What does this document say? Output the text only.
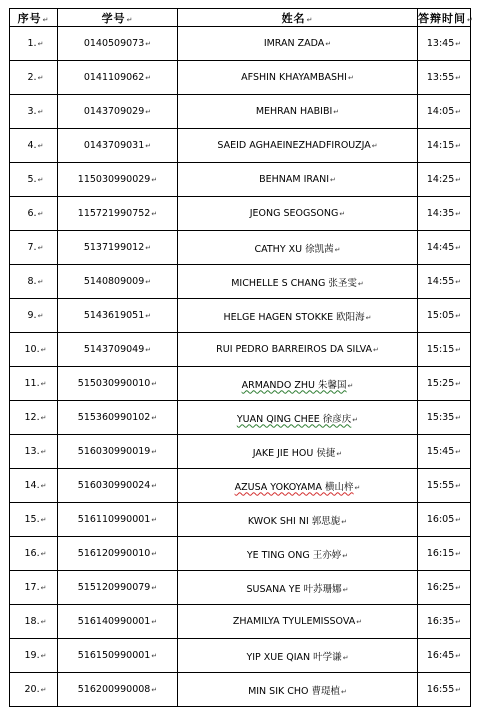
序号↵	学号↵	姓名↵	答辩时间↵
1.↵	0140509073↵	IMRAN ZADA↵	13:45↵
2.↵	0141109062↵	AFSHIN KHAYAMBASHI↵	13:55↵
3.↵	0143709029↵	MEHRAN HABIBI↵	14:05↵
4.↵	0143709031↵	SAEID AGHAEINEZHADFIROUZJA↵	14:15↵
5.↵	115030990029↵	BEHNAM IRANI↵	14:25↵
6.↵	115721990752↵	JEONG SEOGSONG↵	14:35↵
7.↵	5137199012↵	CATHY XU 徐凯茜↵	14:45↵
8.↵	5140809009↵	MICHELLE S CHANG 张圣雯↵	14:55↵
9.↵	5143619051↵	HELGE HAGEN STOKKE 欧阳海↵	15:05↵
10.↵	5143709049↵	RUI PEDRO BARREIROS DA SILVA↵	15:15↵
11.↵	515030990010↵	ARMANDO ZHU 朱馨国↵	15:25↵
12.↵	515360990102↵	YUAN QING CHEE 徐彦庆↵	15:35↵
13.↵	516030990019↵	JAKE JIE HOU 侯捷↵	15:45↵
14.↵	516030990024↵	AZUSA YOKOYAMA 横山梓↵	15:55↵
15.↵	516110990001↵	KWOK SHI NI 郭思旎↵	16:05↵
16.↵	516120990010↵	YE TING ONG 王亦婷↵	16:15↵
17.↵	515120990079↵	SUSANA YE 叶苏珊娜↵	16:25↵
18.↵	516140990001↵	ZHAMILYA TYULEMISSOVA↵	16:35↵
19.↵	516150990001↵	YIP XUE QIAN 叶学谦↵	16:45↵
20.↵	516200990008↵	MIN SIK CHO 曹瑅植↵	16:55↵
